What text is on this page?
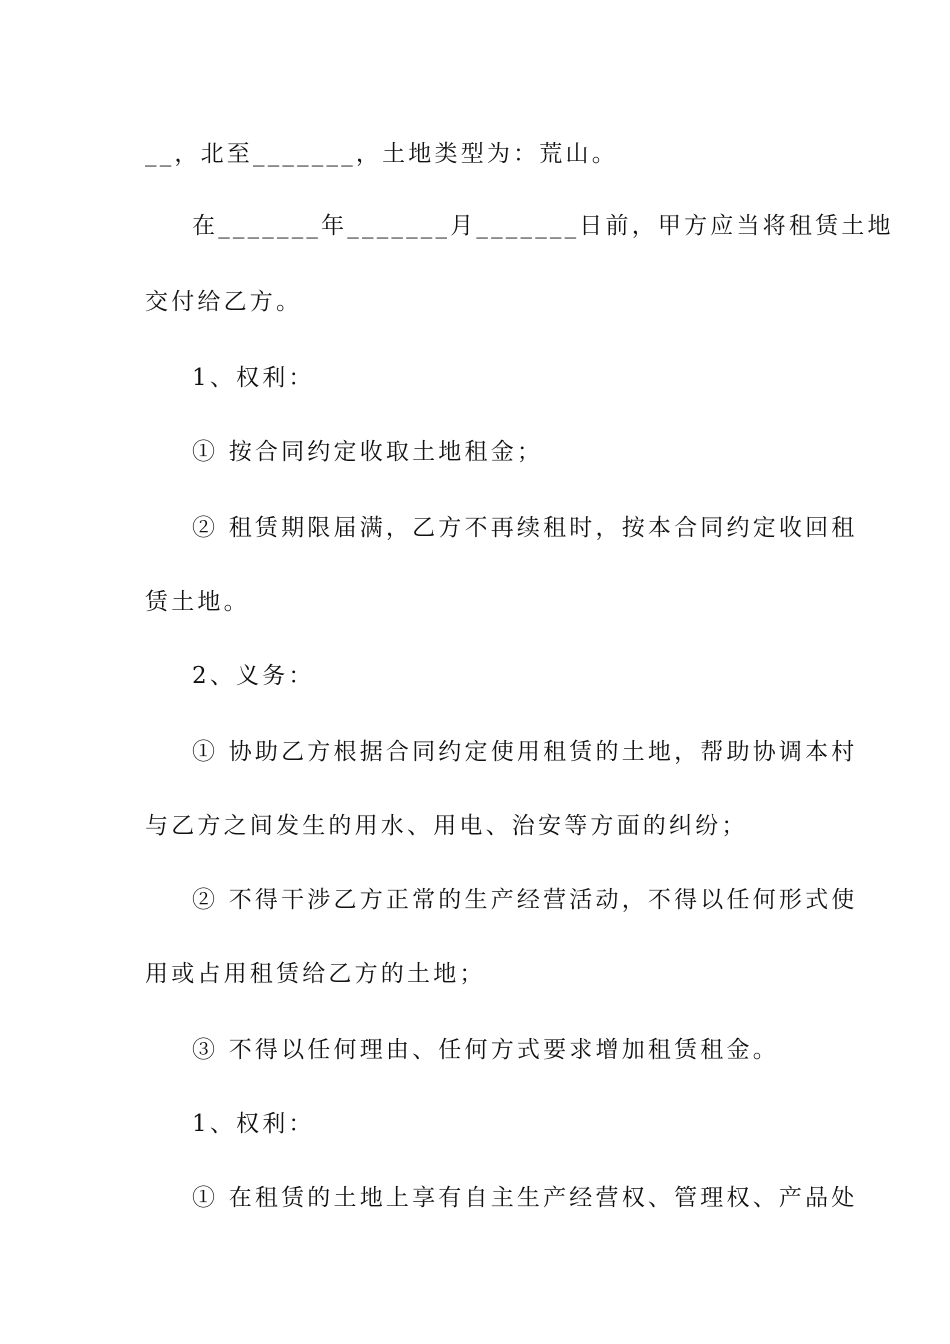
__，北至_______，土地类型为：荒山。
在_______年_______月_______日前，甲方应当将租赁土地
交付给乙方。
1、权利：
① 按合同约定收取土地租金；
② 租赁期限届满，乙方不再续租时，按本合同约定收回租
赁土地。
2、义务：
① 协助乙方根据合同约定使用租赁的土地，帮助协调本村
与乙方之间发生的用水、用电、治安等方面的纠纷；
② 不得干涉乙方正常的生产经营活动，不得以任何形式使
用或占用租赁给乙方的土地；
③ 不得以任何理由、任何方式要求增加租赁租金。
1、权利：
① 在租赁的土地上享有自主生产经营权、管理权、产品处
